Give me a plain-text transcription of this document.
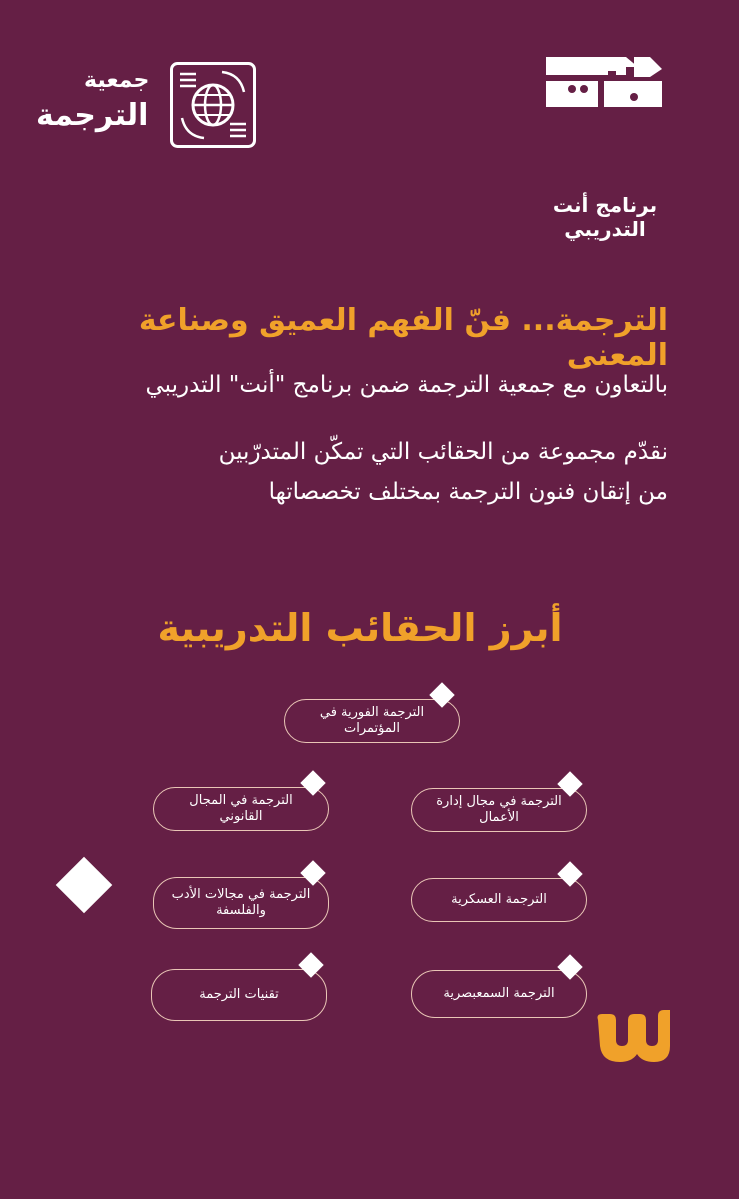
برنامج أنت التدريبي
جمعية
الترجمة
الترجمة... فنّ الفهم العميق وصناعة المعنى
بالتعاون مع جمعية الترجمة ضمن برنامج "أنت" التدريبي
نقدّم مجموعة من الحقائب التي تمكّن المتدرّبين
من إتقان فنون الترجمة بمختلف تخصصاتها
أبرز الحقائب التدريبية
الترجمة الفورية في المؤتمرات
الترجمة في مجال إدارة الأعمال
الترجمة في المجال القانوني
الترجمة العسكرية
الترجمة في مجالات الأدب والفلسفة
الترجمة السمعبصرية
تقنيات الترجمة
